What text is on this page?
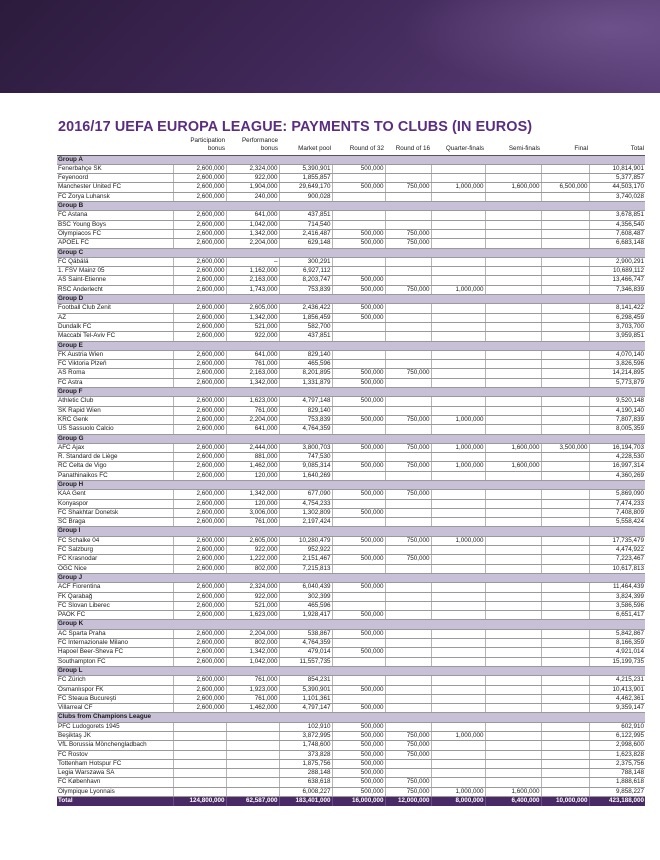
2016/17 UEFA EUROPA LEAGUE: PAYMENTS TO CLUBS (IN EUROS)
	Participation bonus	Performance bonus	Market pool	Round of 32	Round of 16	Quarter-finals	Semi-finals	Final	Total
Group A									
Fenerbahçe SK	2,600,000	2,324,000	5,390,901	500,000					10,814,901
Feyenoord	2,600,000	922,000	1,855,857						5,377,857
Manchester United FC	2,600,000	1,904,000	29,649,170	500,000	750,000	1,000,000	1,600,000	6,500,000	44,503,170
FC Zorya Luhansk	2,600,000	240,000	900,028						3,740,028
Group B									
FC Astana	2,600,000	641,000	437,851						3,678,851
BSC Young Boys	2,600,000	1,042,000	714,540						4,356,540
Olympiacos FC	2,600,000	1,342,000	2,416,487	500,000	750,000				7,608,487
APOEL FC	2,600,000	2,204,000	629,148	500,000	750,000				6,683,148
Group C									
FC Qäbälä	2,600,000	–	300,291						2,900,291
1. FSV Mainz 05	2,600,000	1,162,000	6,927,112						10,689,112
AS Saint-Étienne	2,600,000	2,163,000	8,203,747	500,000					13,466,747
RSC Anderlecht	2,600,000	1,743,000	753,839	500,000	750,000	1,000,000			7,346,839
Group D									
Football Club Zenit	2,600,000	2,605,000	2,436,422	500,000					8,141,422
AZ	2,600,000	1,342,000	1,856,459	500,000					6,298,459
Dundalk FC	2,600,000	521,000	582,700						3,703,700
Maccabi Tel-Aviv FC	2,600,000	922,000	437,851						3,959,851
Group E									
FK Austria Wien	2,600,000	641,000	829,140						4,070,140
FC Viktoria Plzeň	2,600,000	761,000	465,596						3,826,596
AS Roma	2,600,000	2,163,000	8,201,895	500,000	750,000				14,214,895
FC Astra	2,600,000	1,342,000	1,331,879	500,000					5,773,879
Group F									
Athletic Club	2,600,000	1,623,000	4,797,148	500,000					9,520,148
SK Rapid Wien	2,600,000	761,000	829,140						4,190,140
KRC Genk	2,600,000	2,204,000	753,839	500,000	750,000	1,000,000			7,807,839
US Sassuolo Calcio	2,600,000	641,000	4,764,359						8,005,359
Group G									
AFC Ajax	2,600,000	2,444,000	3,800,703	500,000	750,000	1,000,000	1,600,000	3,500,000	16,194,703
R. Standard de Liège	2,600,000	881,000	747,530						4,228,530
RC Celta de Vigo	2,600,000	1,462,000	9,085,314	500,000	750,000	1,000,000	1,600,000		16,997,314
Panathinaikos FC	2,600,000	120,000	1,640,269						4,360,269
Group H									
KAA Gent	2,600,000	1,342,000	677,090	500,000	750,000				5,869,090
Konyaspor	2,600,000	120,000	4,754,233						7,474,233
FC Shakhtar Donetsk	2,600,000	3,006,000	1,302,809	500,000					7,408,809
SC Braga	2,600,000	761,000	2,197,424						5,558,424
Group I									
FC Schalke 04	2,600,000	2,605,000	10,280,479	500,000	750,000	1,000,000			17,735,479
FC Salzburg	2,600,000	922,000	952,922						4,474,922
FC Krasnodar	2,600,000	1,222,000	2,151,467	500,000	750,000				7,223,467
OGC Nice	2,600,000	802,000	7,215,813						10,617,813
Group J									
ACF Fiorentina	2,600,000	2,324,000	6,040,439	500,000					11,464,439
FK Qarabağ	2,600,000	922,000	302,399						3,824,399
FC Slovan Liberec	2,600,000	521,000	465,596						3,586,596
PAOK FC	2,600,000	1,623,000	1,928,417	500,000					6,651,417
Group K									
AC Sparta Praha	2,600,000	2,204,000	538,867	500,000					5,842,867
FC Internazionale Milano	2,600,000	802,000	4,764,359						8,166,359
Hapoel Beer-Sheva FC	2,600,000	1,342,000	479,014	500,000					4,921,014
Southampton FC	2,600,000	1,042,000	11,557,735						15,199,735
Group L									
FC Zürich	2,600,000	761,000	854,231						4,215,231
Osmanlıspor FK	2,600,000	1,923,000	5,390,901	500,000					10,413,901
FC Steaua Bucureşti	2,600,000	761,000	1,101,361						4,462,361
Villarreal CF	2,600,000	1,462,000	4,797,147	500,000					9,359,147
Clubs from Champions League									
PFC Ludogorets 1945			102,910	500,000					602,910
Beşiktaş JK			3,872,995	500,000	750,000	1,000,000			6,122,995
VfL Borussia Mönchengladbach			1,748,600	500,000	750,000				2,998,600
FC Rostov			373,828	500,000	750,000				1,623,828
Tottenham Hotspur FC			1,875,756	500,000					2,375,756
Legia Warszawa SA			288,148	500,000					788,148
FC København			638,618	500,000	750,000				1,888,618
Olympique Lyonnais			6,008,227	500,000	750,000	1,000,000	1,600,000		9,858,227
Total	124,800,000	62,587,000	183,401,000	16,000,000	12,000,000	8,000,000	6,400,000	10,000,000	423,188,000
